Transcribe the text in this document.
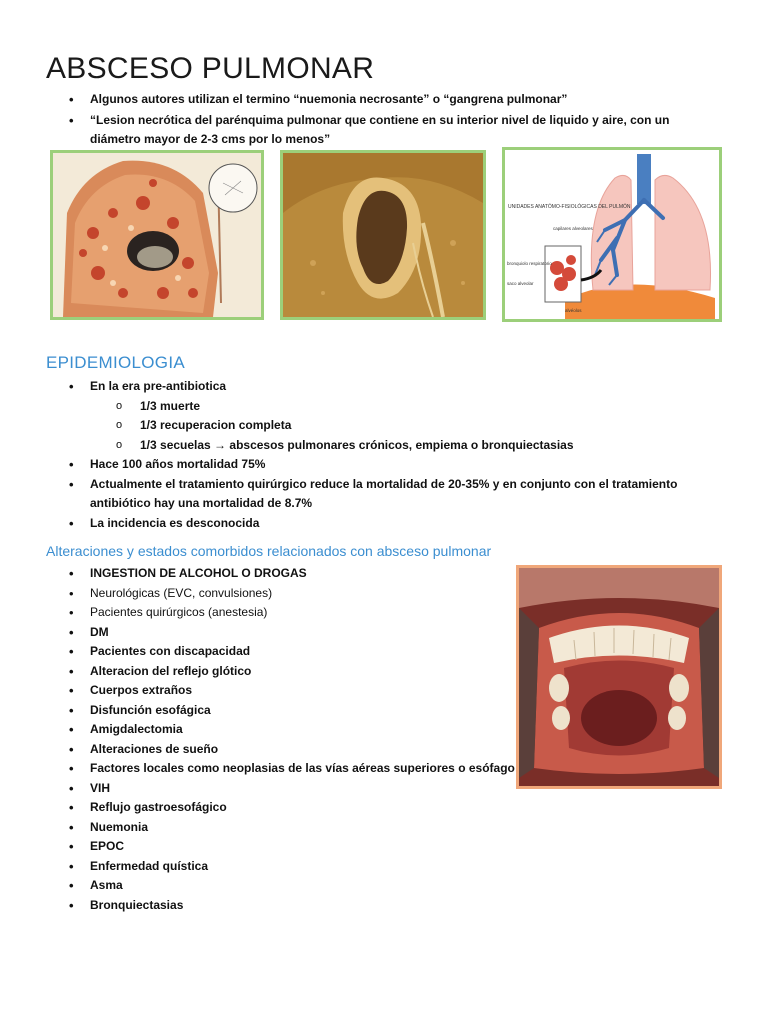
ABSCESO PULMONAR
• Algunos autores utilizan el termino “nuemonia necrosante” o “gangrena pulmonar”
• “Lesion necrótica del parénquima pulmonar que contiene en su interior nivel de liquido y aire, con un diámetro mayor de 2-3 cms por lo menos”
UNIDADES ANATÓMO-FISIOLÓGICAS DEL PULMÓN
capilares alveolares
bronquiolo respiratorio
saco alveolar
alvéolos
EPIDEMIOLOGIA
• En la era pre-antibiotica
o 1/3 muerte
o 1/3 recuperacion completa
o 1/3 secuelas → abscesos pulmonares crónicos, empiema o bronquiectasias
• Hace 100 años mortalidad 75%
• Actualmente el tratamiento quirúrgico reduce la mortalidad de 20-35% y en conjunto con el tratamiento antibiótico hay una mortalidad de 8.7%
• La incidencia es desconocida
Alteraciones y estados comorbidos relacionados con absceso pulmonar
• INGESTION DE ALCOHOL O DROGAS
• Neurológicas (EVC, convulsiones)
• Pacientes quirúrgicos (anestesia)
• DM
• Pacientes con discapacidad
• Alteracion del reflejo glótico
• Cuerpos extraños
• Disfunción esofágica
• Amigdalectomia
• Alteraciones de sueño
• Factores locales como neoplasias de las vías aéreas superiores o esófago
• VIH
• Reflujo gastroesofágico
• Nuemonia
• EPOC
• Enfermedad quística
• Asma
• Bronquiectasias
